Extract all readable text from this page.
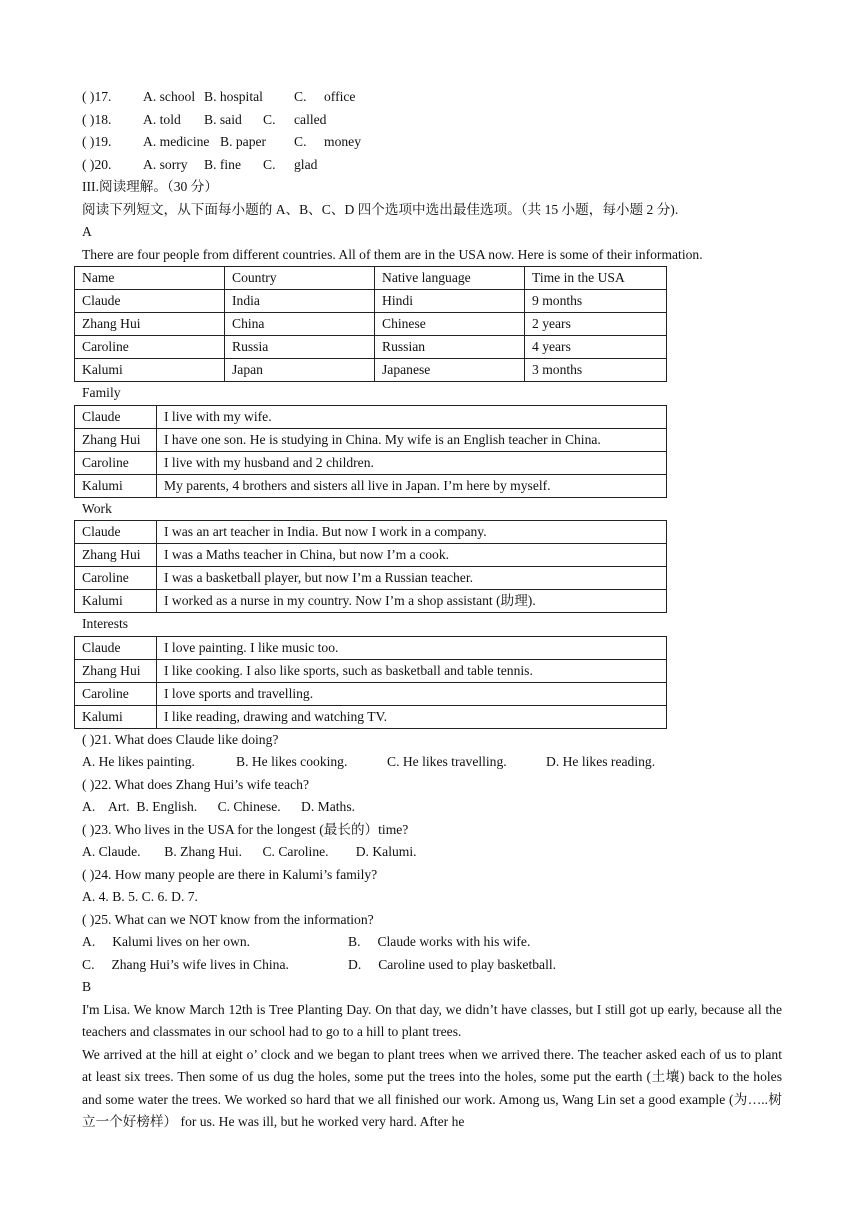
( )17. A. school B. hospital C. office
( )18. A. told B. said C. called
( )19. A. medicine B. paper C. money
( )20. A. sorry B. fine C. glad
III.阅读理解。（30 分）
阅读下列短文，从下面每小题的 A、B、C、D 四个选项中选出最佳选项。（共 15 小题，每小题 2 分).
A
There are four people from different countries. All of them are in the USA now. Here is some of their information.
Name	Country	Native language	Time in the USA
Claude	India	Hindi	9 months
Zhang Hui	China	Chinese	2 years
Caroline	Russia	Russian	4 years
Kalumi	Japan	Japanese	3 months
Family
Claude	I live with my wife.
Zhang Hui	I have one son. He is studying in China. My wife is an English teacher in China.
Caroline	I live with my husband and 2 children.
Kalumi	My parents, 4 brothers and sisters all live in Japan. I’m here by myself.
Work
Claude	I was an art teacher in India. But now I work in a company.
Zhang Hui	I was a Maths teacher in China, but now I’m a cook.
Caroline	I was a basketball player, but now I’m a Russian teacher.
Kalumi	I worked as a nurse in my country. Now I’m a shop assistant (助理).
Interests
Claude	I love painting. I like music too.
Zhang Hui	I like cooking. I also like sports, such as basketball and table tennis.
Caroline	I love sports and travelling.
Kalumi	I like reading, drawing and watching TV.
( )21. What does Claude like doing?
A. He likes painting.	B. He likes cooking.	C. He likes travelling.	D. He likes reading.
( )22. What does Zhang Hui’s wife teach?
A.    Art.  B. English.      C. Chinese.      D. Maths.
( )23. Who lives in the USA for the longest (最长的）time?
A. Claude.       B. Zhang Hui.      C. Caroline.        D. Kalumi.
( )24. How many people are there in Kalumi’s family?
A. 4. B. 5. C. 6. D. 7.
( )25. What can we NOT know from the information?
A.     Kalumi lives on her own.	B.     Claude works with his wife.
C.     Zhang Hui’s wife lives in China.	D.     Caroline used to play basketball.
B
I'm Lisa. We know March 12th is Tree Planting Day. On that day, we didn’t have classes, but I still got up early, because all the teachers and classmates in our school had to go to a hill to plant trees.
We arrived at the hill at eight o’ clock and we began to plant trees when we arrived there. The teacher asked each of us to plant at least six trees. Then some of us dug the holes, some put the trees into the holes, some put the earth (土壤) back to the holes and some water the trees. We worked so hard that we all finished our work. Among us, Wang Lin set a good example (为…..树立一个好榜样） for us. He was ill, but he worked very hard. After he
